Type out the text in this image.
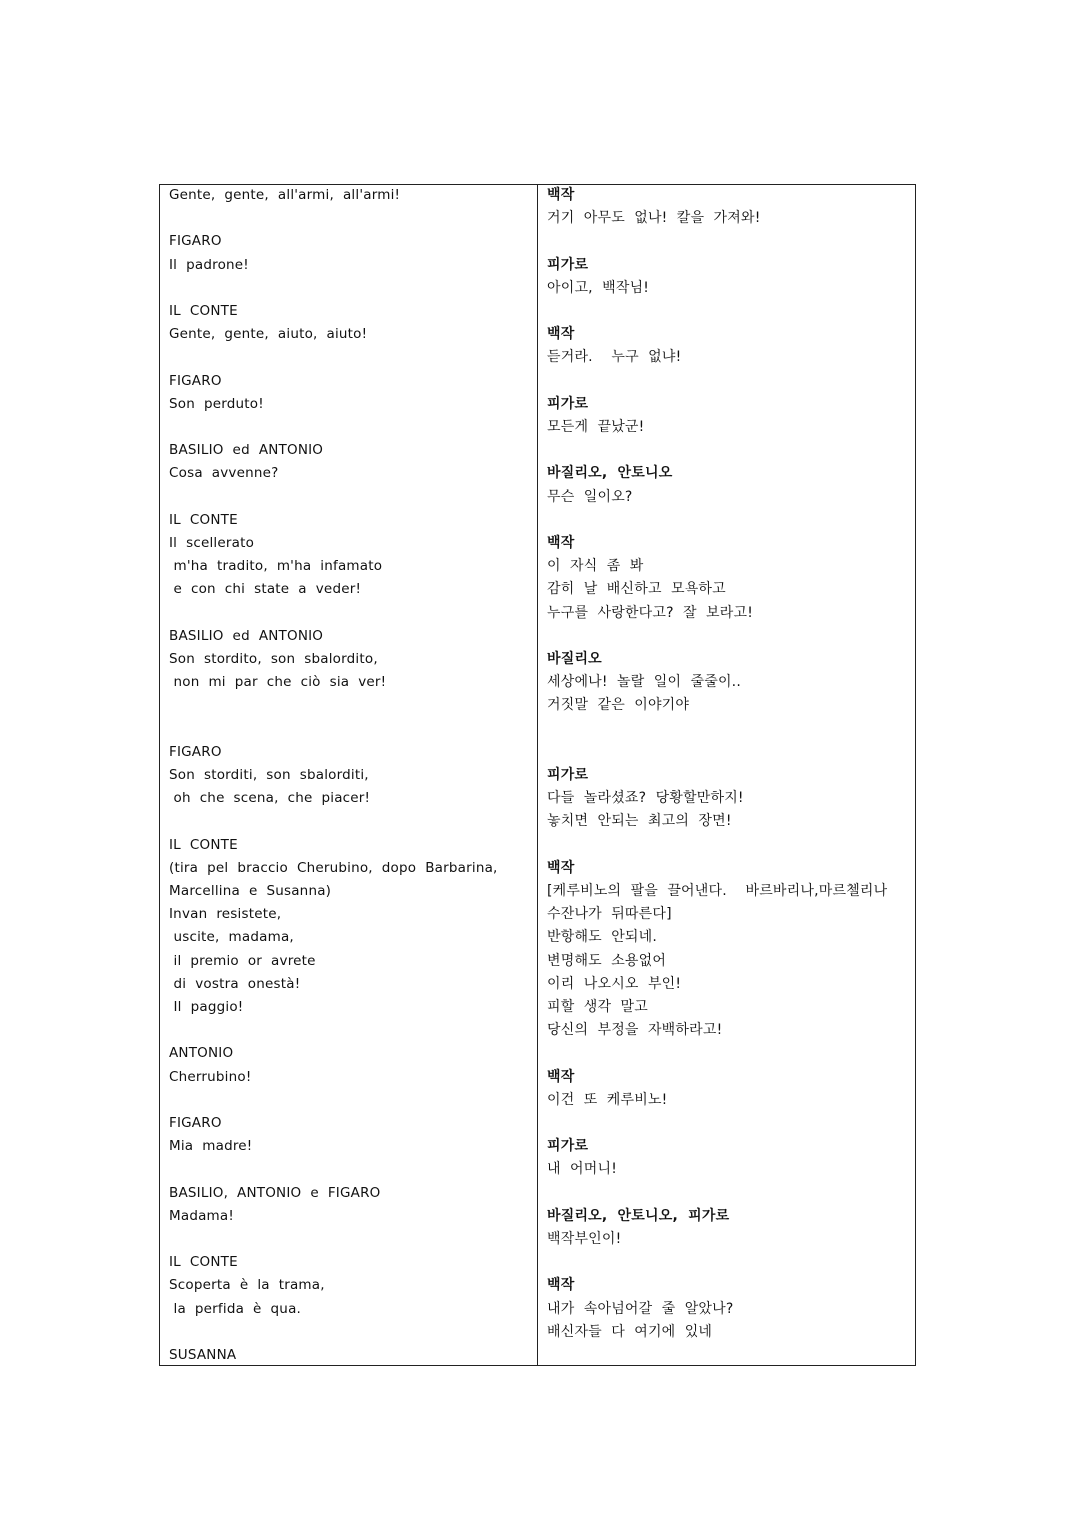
Gente,  gente,  all'armi,  all'armi!
FIGARO
Il  padrone!
IL  CONTE
Gente,  gente,  aiuto,  aiuto!
FIGARO
Son  perduto!
BASILIO  ed  ANTONIO
Cosa  avvenne?
IL  CONTE
Il  scellerato
m'ha  tradito,  m'ha  infamato
e  con  chi  state  a  veder!
BASILIO  ed  ANTONIO
Son  stordito,  son  sbalordito,
non  mi  par  che  ciò  sia  ver!
FIGARO
Son  storditi,  son  sbalorditi,
oh  che  scena,  che  piacer!
IL  CONTE
(tira  pel  braccio  Cherubino,  dopo  Barbarina,
Marcellina  e  Susanna)
Invan  resistete,
uscite,  madama,
il  premio  or  avrete
di  vostra  onestà!
Il  paggio!
ANTONIO
Cherrubino!
FIGARO
Mia  madre!
BASILIO,  ANTONIO  e  FIGARO
Madama!
IL  CONTE
Scoperta  è  la  trama,
la  perfida  è  qua.
SUSANNA
백작
거기  아무도  없나!  칼을  가져와!
피가로
아이고,  백작님!
백작
듣거라.    누구  없냐!
피가로
모든게  끝났군!
바질리오,  안토니오
무슨  일이오?
백작
이  자식  좀  봐
감히  날  배신하고  모욕하고
누구를  사랑한다고?  잘  보라고!
바질리오
세상에나!  놀랄  일이  줄줄이..
거짓말  같은  이야기야
피가로
다들  놀라셨죠?  당황할만하지!
놓치면  안되는  최고의  장면!
백작
[케루비노의  팔을  끌어낸다.    바르바리나,마르첼리나
수잔나가  뒤따른다]
반항해도  안되네.
변명해도  소용없어
이리  나오시오  부인!
피할  생각  말고
당신의  부정을  자백하라고!
백작
이건  또  케루비노!
피가로
내  어머니!
바질리오,  안토니오,  피가로
백작부인이!
백작
내가  속아넘어갈  줄  알았나?
배신자들  다  여기에  있네
